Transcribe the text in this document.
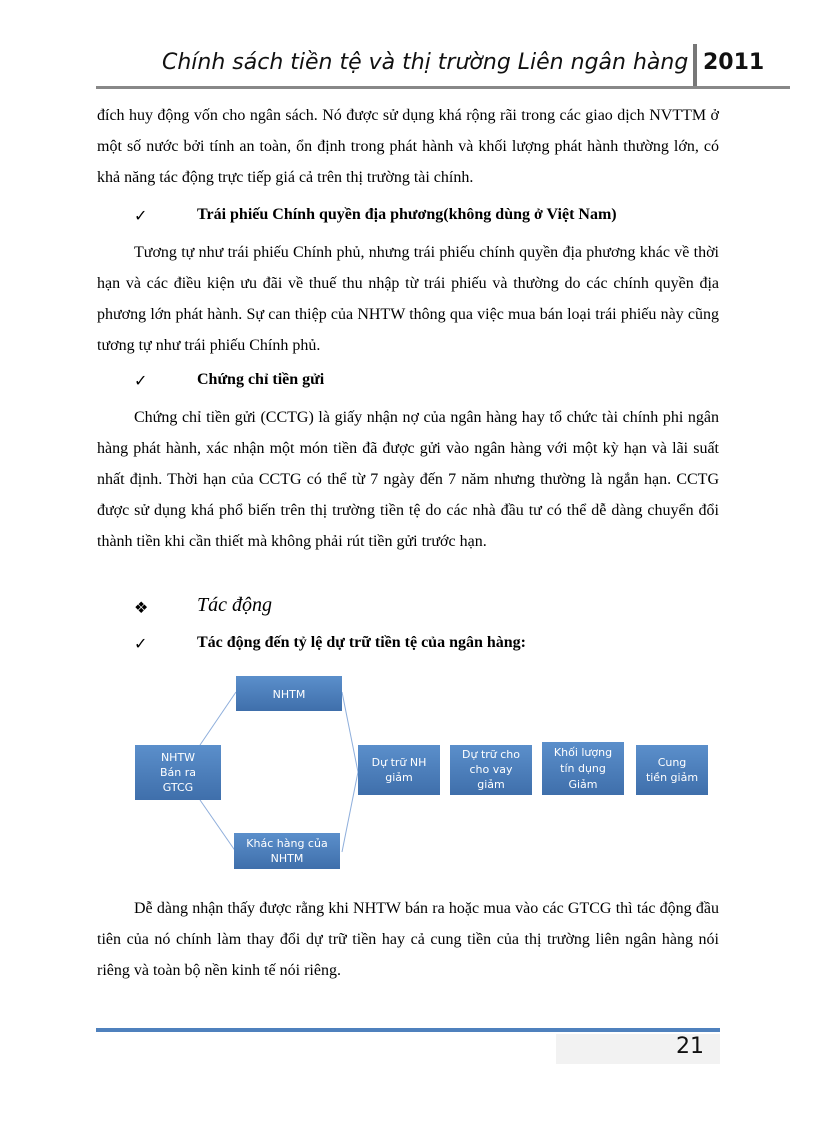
Chính sách tiền tệ và thị trường Liên ngân hàng 2011
đích huy động vốn cho ngân sách. Nó được sử dụng khá rộng rãi trong các giao dịch NVTTM ở một số nước bởi tính an toàn, ổn định trong phát hành và khối lượng phát hành thường lớn, có khả năng tác động trực tiếp giá cả trên thị trường tài chính.
✓	Trái phiếu Chính quyền địa phương(không dùng ở Việt Nam)
Tương tự như trái phiếu Chính phủ, nhưng trái phiếu chính quyền địa phương khác về thời hạn và các điều kiện ưu đãi về thuế thu nhập từ trái phiếu và thường do các chính quyền địa phương lớn phát hành. Sự can thiệp của NHTW thông qua việc mua bán loại trái phiếu này cũng tương tự như trái phiếu Chính phủ.
✓	Chứng chỉ tiền gửi
Chứng chỉ tiền gửi (CCTG) là giấy nhận nợ của ngân hàng hay tổ chức tài chính phi ngân hàng phát hành, xác nhận một món tiền đã được gửi vào ngân hàng với một kỳ hạn và lãi suất nhất định. Thời hạn của CCTG có thể từ 7 ngày đến 7 năm nhưng thường là ngắn hạn. CCTG được sử dụng khá phổ biến trên thị trường tiền tệ do các nhà đầu tư có thể dễ dàng chuyển đổi thành tiền khi cần thiết mà không phải rút tiền gửi trước hạn.
❖ Tác động
✓	Tác động đến tỷ lệ dự trữ tiền tệ của ngân hàng:
NHTW
Bán ra
GTCG
NHTM
Khác hàng của
NHTM
Dự trữ NH
giảm
Dự trữ cho
cho vay
giảm
Khối lượng
tín dụng
Giảm
Cung
tiền giảm
Dễ dàng nhận thấy được rằng khi NHTW bán ra hoặc mua vào các GTCG thì tác động đầu tiên của nó chính làm thay đổi dự trữ tiền hay cả cung tiền của thị trường liên ngân hàng nói riêng và toàn bộ nền kinh tế nói riêng.
21
